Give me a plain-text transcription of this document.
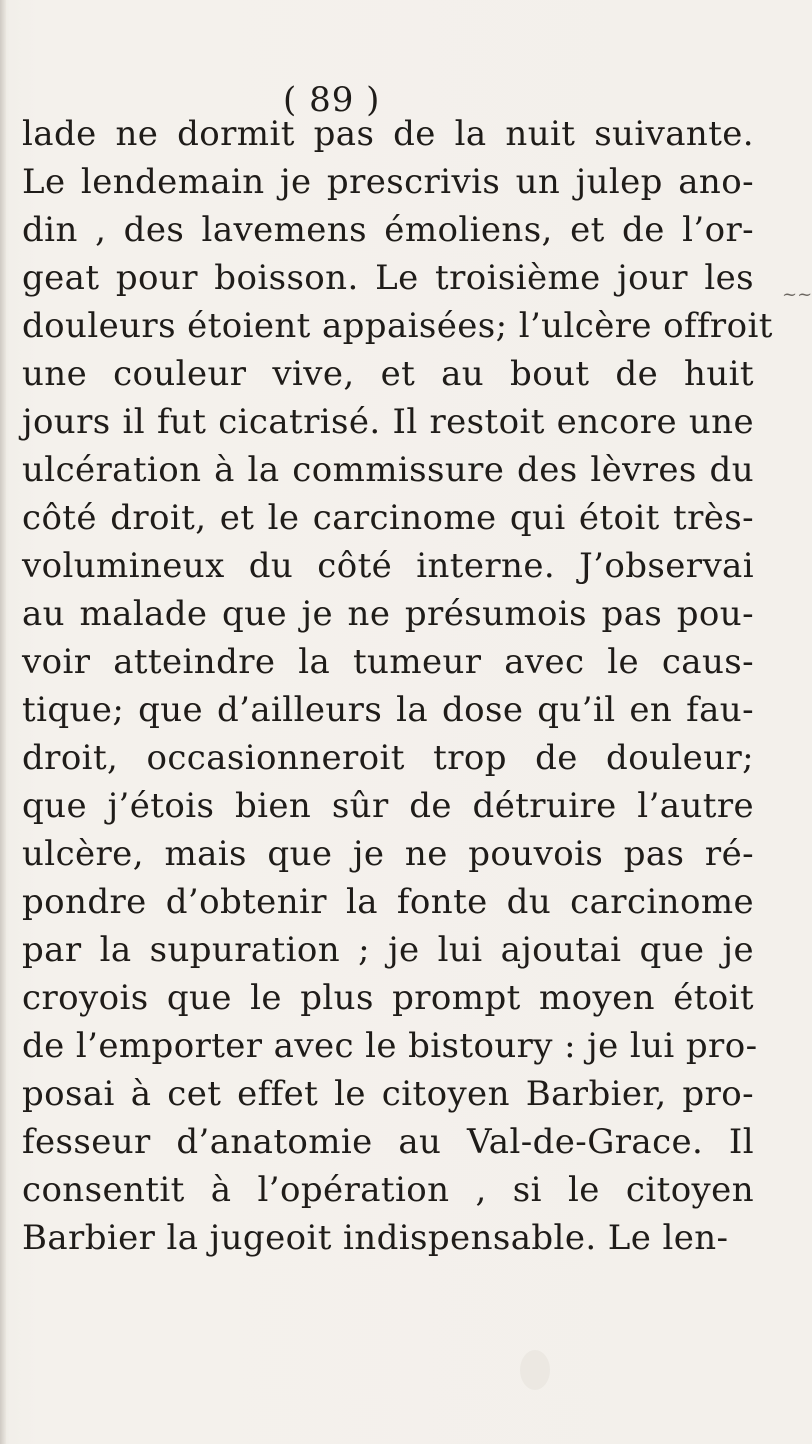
( 89 )
~~
lade ne dormit pas de la nuit suivante.
Le lendemain je prescrivis un julep ano-
din , des lavemens émoliens, et de l’or-
geat pour boisson. Le troisième jour les
douleurs étoient appaisées; l’ulcère offroit
une couleur vive, et au bout de huit
jours il fut cicatrisé. Il restoit encore une
ulcération à la commissure des lèvres du
côté droit, et le carcinome qui étoit très-
volumineux du côté interne. J’observai
au malade que je ne présumois pas pou-
voir atteindre la tumeur avec le caus-
tique; que d’ailleurs la dose qu’il en fau-
droit, occasionneroit trop de douleur;
que j’étois bien sûr de détruire l’autre
ulcère, mais que je ne pouvois pas ré-
pondre d’obtenir la fonte du carcinome
par la supuration ; je lui ajoutai que je
croyois que le plus prompt moyen étoit
de l’emporter avec le bistoury : je lui pro-
posai à cet effet le citoyen Barbier, pro-
fesseur d’anatomie au Val-de-Grace. Il
consentit à l’opération , si le citoyen
Barbier la jugeoit indispensable. Le len-
